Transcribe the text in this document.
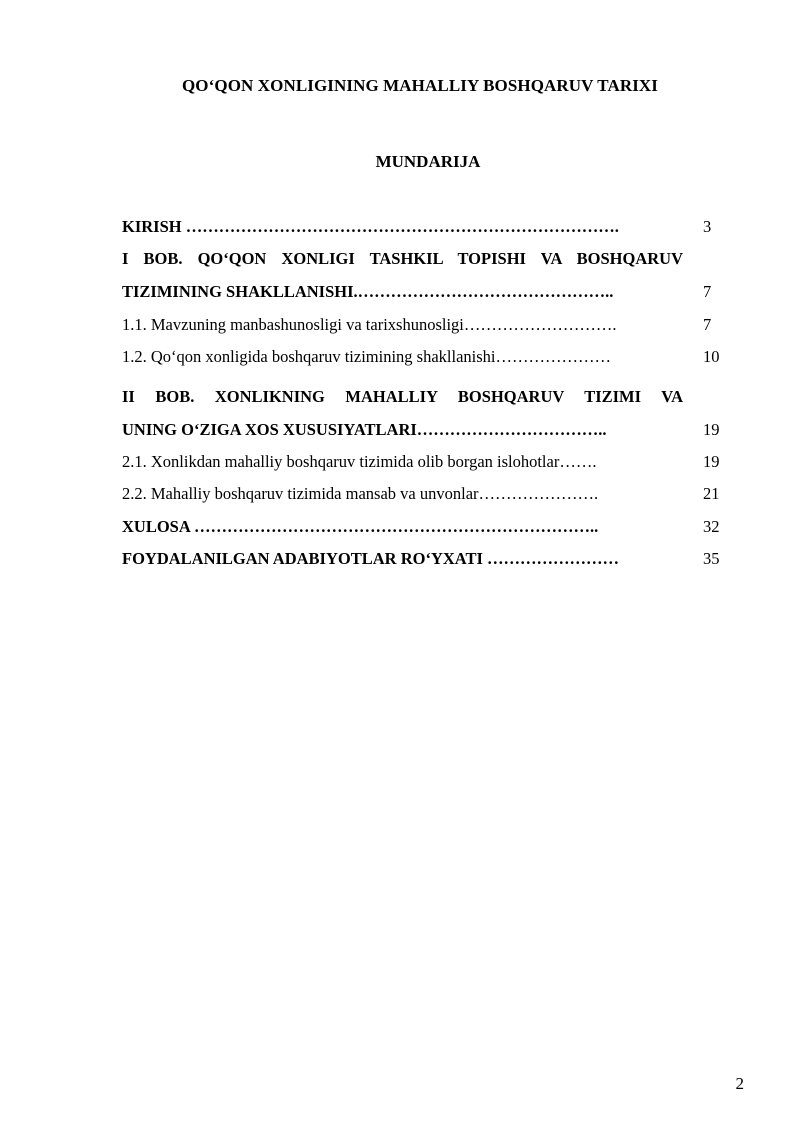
QO‘QON XONLIGINING MAHALLIY BOSHQARUV TARIXI
MUNDARIJA
KIRISH …………………………………………………………………….	3
I BOB. QO‘QON XONLIGI TASHKIL TOPISHI VA BOSHQARUV
TIZIMINING SHAKLLANISHI.………………………………………..	7
1.1. Mavzuning manbashunosligi va tarixshunosligi……………………….	7
1.2. Qo‘qon xonligida boshqaruv tizimining shakllanishi…………………	10
II BOB. XONLIKNING MAHALLIY BOSHQARUV TIZIMI VA
UNING O‘ZIGA XOS XUSUSIYATLARI……………………………..	19
2.1. Xonlikdan mahalliy boshqaruv tizimida olib borgan islohotlar…….	19
2.2. Mahalliy boshqaruv tizimida mansab va unvonlar………………….	21
XULOSA ………………………………………………………………..	32
FOYDALANILGAN ADABIYOTLAR RO‘YXATI ……………………	35
2
